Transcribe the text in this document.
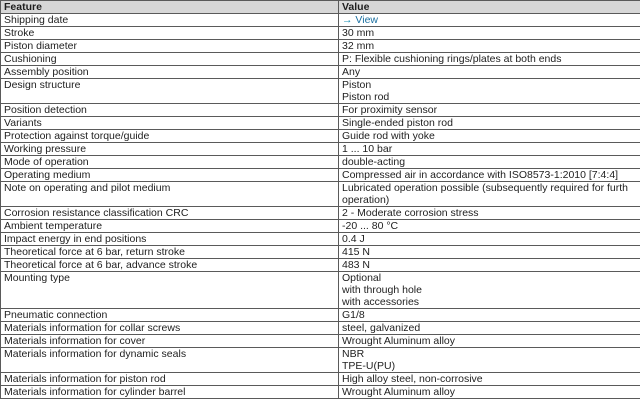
Feature	Value
Shipping date	→ View

Stroke	30 mm

Piston diameter	32 mm

Cushioning	P: Flexible cushioning rings/plates at both ends

Assembly position	Any

Design structure	Piston
Piston rod

Position detection	For proximity sensor

Variants	Single-ended piston rod

Protection against torque/guide	Guide rod with yoke

Working pressure	1 ... 10 bar

Mode of operation	double-acting

Operating medium	Compressed air in accordance with ISO8573-1:2010 [7:4:4]

Note on operating and pilot medium	Lubricated operation possible (subsequently required for furth
operation)

Corrosion resistance classification CRC	2 - Moderate corrosion stress

Ambient temperature	-20 ... 80 °C

Impact energy in end positions	0.4 J

Theoretical force at 6 bar, return stroke	415 N

Theoretical force at 6 bar, advance stroke	483 N

Mounting type	Optional
with through hole
with accessories

Pneumatic connection	G1/8

Materials information for collar screws	steel, galvanized

Materials information for cover	Wrought Aluminum alloy

Materials information for dynamic seals	NBR
TPE-U(PU)

Materials information for piston rod	High alloy steel, non-corrosive

Materials information for cylinder barrel	Wrought Aluminum alloy
